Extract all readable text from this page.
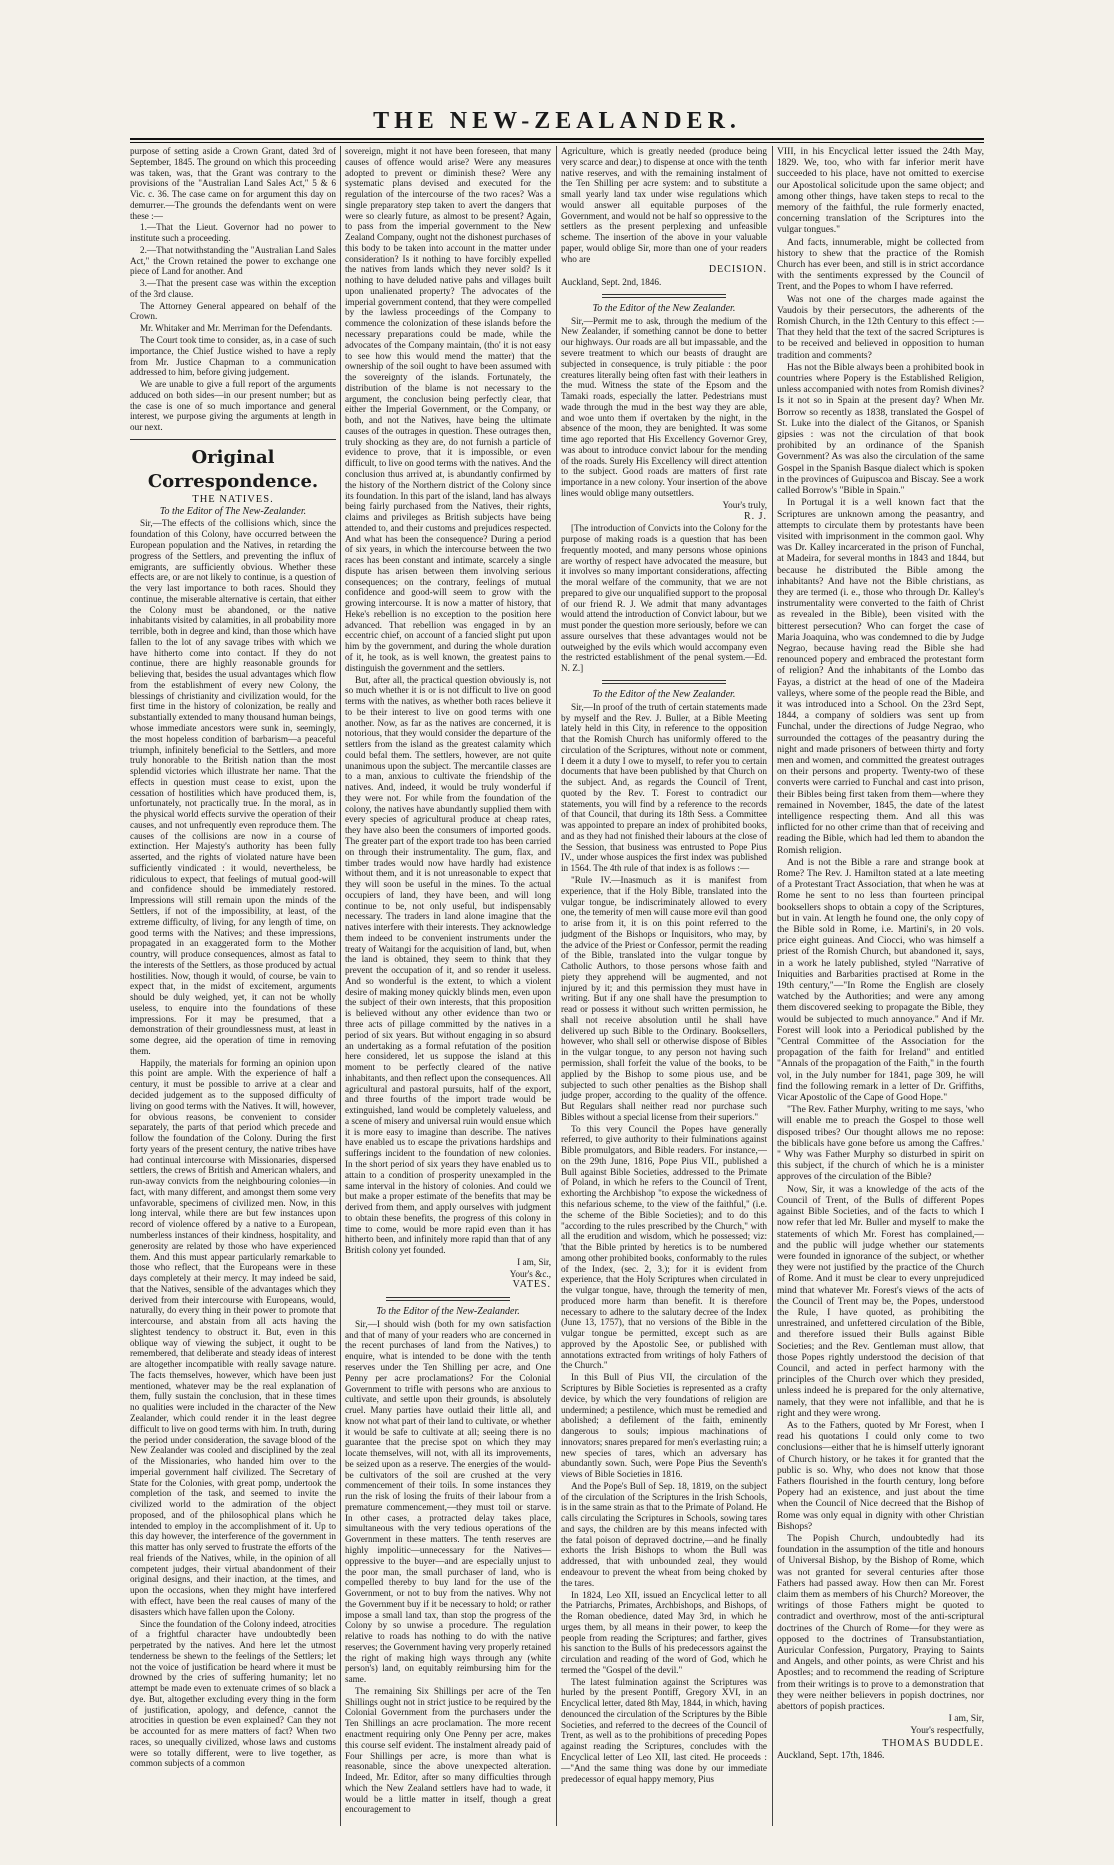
THE NEW-ZEALANDER.

purpose of setting aside a Crown Grant, dated 3rd of September, 1845. The ground on which this proceeding was taken, was, that the Grant was contrary to the provisions of the "Australian Land Sales Act," 5 & 6 Vic. c. 36. The case came on for argument this day on demurrer.—The grounds the defendants went on were these :—

1.—That the Lieut. Governor had no power to institute such a proceeding.

2.—That notwithstanding the "Australian Land Sales Act," the Crown retained the power to exchange one piece of Land for another. And

3.—That the present case was within the exception of the 3rd clause.

The Attorney General appeared on behalf of the Crown.

Mr. Whitaker and Mr. Merriman for the Defendants.

The Court took time to consider, as, in a case of such importance, the Chief Justice wished to have a reply from Mr. Justice Chapman to a communication addressed to him, before giving judgement.

We are unable to give a full report of the arguments adduced on both sides—in our present number; but as the case is one of so much importance and general interest, we purpose giving the arguments at length in our next.

Original Correspondence.

THE NATIVES.

To the Editor of The New-Zealander.

Sir,—The effects of the collisions which, since the foundation of this Colony, have occurred between the European population and the Natives, in retarding the progress of the Settlers, and preventing the influx of emigrants, are sufficiently obvious. Whether these effects are, or are not likely to continue, is a question of the very last importance to both races. Should they continue, the miserable alternative is certain, that either the Colony must be abandoned, or the native inhabitants visited by calamities, in all probability more terrible, both in degree and kind, than those which have fallen to the lot of any savage tribes with which we have hitherto come into contact. If they do not continue, there are highly reasonable grounds for believing that, besides the usual advantages which flow from the establishment of every new Colony, the blessings of christianity and civilization would, for the first time in the history of colonization, be really and substantially extended to many thousand human beings, whose immediate ancestors were sunk in, seemingly, the most hopeless condition of barbarism—a peaceful triumph, infinitely beneficial to the Settlers, and more truly honorable to the British nation than the most splendid victories which illustrate her name. That the effects in question must cease to exist, upon the cessation of hostilities which have produced them, is, unfortunately, not practically true. In the moral, as in the physical world effects survive the operation of their causes, and not unfrequently even reproduce them. The causes of the collisions are now in a course of extinction. Her Majesty's authority has been fully asserted, and the rights of violated nature have been sufficiently vindicated : it would, nevertheless, be ridiculous to expect, that feelings of mutual good-will and confidence should be immediately restored. Impressions will still remain upon the minds of the Settlers, if not of the impossibility, at least, of the extreme difficulty, of living, for any length of time, on good terms with the Natives; and these impressions, propagated in an exaggerated form to the Mother country, will produce consequences, almost as fatal to the interests of the Settlers, as those produced by actual hostilities. Now, though it would, of course, be vain to expect that, in the midst of excitement, arguments should be duly weighed, yet, it can not be wholly useless, to enquire into the foundations of these impressions. For it may be presumed, that a demonstration of their groundlessness must, at least in some degree, aid the operation of time in removing them.

Happily, the materials for forming an opinion upon this point are ample. With the experience of half a century, it must be possible to arrive at a clear and decided judgement as to the supposed difficulty of living on good terms with the Natives. It will, however, for obvious reasons, be convenient to consider separately, the parts of that period which precede and follow the foundation of the Colony. During the first forty years of the present century, the native tribes have had continual intercourse with Missionaries, dispersed settlers, the crews of British and American whalers, and run-away convicts from the neighbouring colonies—in fact, with many different, and amongst them some very unfavorable, specimens of civilized men. Now, in this long interval, while there are but few instances upon record of violence offered by a native to a European, numberless instances of their kindness, hospitality, and generosity are related by those who have experienced them. And this must appear particularly remarkable to those who reflect, that the Europeans were in these days completely at their mercy. It may indeed be said, that the Natives, sensible of the advantages which they derived from their intercourse with Europeans, would, naturally, do every thing in their power to promote that intercourse, and abstain from all acts having the slightest tendency to obstruct it. But, even in this oblique way of viewing the subject, it ought to be remembered, that deliberate and steady ideas of interest are altogether incompatible with really savage nature. The facts themselves, however, which have been just mentioned, whatever may be the real explanation of them, fully sustain the conclusion, that in these times no qualities were included in the character of the New Zealander, which could render it in the least degree difficult to live on good terms with him. In truth, during the period under consideration, the savage blood of the New Zealander was cooled and disciplined by the zeal of the Missionaries, who handed him over to the imperial government half civilized. The Secretary of State for the Colonies, with great pomp, undertook the completion of the task, and seemed to invite the civilized world to the admiration of the object proposed, and of the philosophical plans which he intended to employ in the accomplishment of it. Up to this day however, the interference of the government in this matter has only served to frustrate the efforts of the real friends of the Natives, while, in the opinion of all competent judges, their virtual abandonment of their original designs, and their inaction, at the times, and upon the occasions, when they might have interfered with effect, have been the real causes of many of the disasters which have fallen upon the Colony.

Since the foundation of the Colony indeed, atrocities of a frightful character have undoubtedly been perpetrated by the natives. And here let the utmost tenderness be shewn to the feelings of the Settlers; let not the voice of justification be heard where it must be drowned by the cries of suffering humanity; let no attempt be made even to extenuate crimes of so black a dye. But, altogether excluding every thing in the form of justification, apology, and defence, cannot the atrocities in question be even explained? Can they not be accounted for as mere matters of fact? When two races, so unequally civilized, whose laws and customs were so totally different, were to live together, as common subjects of a common

sovereign, might it not have been foreseen, that many causes of offence would arise? Were any measures adopted to prevent or diminish these? Were any systematic plans devised and executed for the regulation of the intercourse of the two races? Was a single preparatory step taken to avert the dangers that were so clearly future, as almost to be present? Again, to pass from the imperial government to the New Zealand Company, ought not the dishonest purchases of this body to be taken into account in the matter under consideration? Is it nothing to have forcibly expelled the natives from lands which they never sold? Is it nothing to have deluded native pahs and villages built upon unalienated property? The advocates of the imperial government contend, that they were compelled by the lawless proceedings of the Company to commence the colonization of these islands before the necessary preparations could be made, while the advocates of the Company maintain, (tho' it is not easy to see how this would mend the matter) that the ownership of the soil ought to have been assumed with the sovereignty of the islands. Fortunately, the distribution of the blame is not necessary to the argument, the conclusion being perfectly clear, that either the Imperial Government, or the Company, or both, and not the Natives, have being the ultimate causes of the outrages in question. These outrages then, truly shocking as they are, do not furnish a particle of evidence to prove, that it is impossible, or even difficult, to live on good terms with the natives. And the conclusion thus arrived at, is abundantly confirmed by the history of the Northern district of the Colony since its foundation. In this part of the island, land has always being fairly purchased from the Natives, their rights, claims and privileges as British subjects have being attended to, and their customs and prejudices respected. And what has been the consequence? During a period of six years, in which the intercourse between the two races has been constant and intimate, scarcely a single dispute has arisen between them involving serious consequences; on the contrary, feelings of mutual confidence and good-will seem to grow with the growing intercourse. It is now a matter of history, that Heke's rebellion is no exception to the position here advanced. That rebellion was engaged in by an eccentric chief, on account of a fancied slight put upon him by the government, and during the whole duration of it, he took, as is well known, the greatest pains to distinguish the government and the settlers.

But, after all, the practical question obviously is, not so much whether it is or is not difficult to live on good terms with the natives, as whether both races believe it to be their interest to live on good terms with one another. Now, as far as the natives are concerned, it is notorious, that they would consider the departure of the settlers from the island as the greatest calamity which could befal them. The settlers, however, are not quite unanimous upon the subject. The mercantile classes are to a man, anxious to cultivate the friendship of the natives. And, indeed, it would be truly wonderful if they were not. For while from the foundation of the colony, the natives have abundantly supplied them with every species of agricultural produce at cheap rates, they have also been the consumers of imported goods. The greater part of the export trade too has been carried on through their instrumentality. The gum, flax, and timber trades would now have hardly had existence without them, and it is not unreasonable to expect that they will soon be useful in the mines. To the actual occupiers of land, they have been, and will long continue to be, not only useful, but indispensably necessary. The traders in land alone imagine that the natives interfere with their interests. They acknowledge them indeed to be convenient instruments under the treaty of Waitangi for the acquisition of land, but, when the land is obtained, they seem to think that they prevent the occupation of it, and so render it useless. And so wonderful is the extent, to which a violent desire of making money quickly blinds men, even upon the subject of their own interests, that this proposition is believed without any other evidence than two or three acts of pillage committed by the natives in a period of six years. But without engaging in so absurd an undertaking as a formal refutation of the position here considered, let us suppose the island at this moment to be perfectly cleared of the native inhabitants, and then reflect upon the consequences. All agricultural and pastoral pursuits, half of the export, and three fourths of the import trade would be extinguished, land would be completely valueless, and a scene of misery and universal ruin would ensue which it is more easy to imagine than describe. The natives have enabled us to escape the privations hardships and sufferings incident to the foundation of new colonies. In the short period of six years they have enabled us to attain to a condition of prosperity unexampled in the same interval in the history of colonies. And could we but make a proper estimate of the benefits that may be derived from them, and apply ourselves with judgment to obtain these benefits, the progress of this colony in time to come, would be more rapid even than it has hitherto been, and infinitely more rapid than that of any British colony yet founded.

I am, Sir,

Your's &c.,

VATES.

To the Editor of the New-Zealander.

Sir,—I should wish (both for my own satisfaction and that of many of your readers who are concerned in the recent purchases of land from the Natives,) to enquire, what is intended to be done with the tenth reserves under the Ten Shilling per acre, and One Penny per acre proclamations? For the Colonial Government to trifle with persons who are anxious to cultivate, and settle upon their grounds, is absolutely cruel. Many parties have outlaid their little all, and know not what part of their land to cultivate, or whether it would be safe to cultivate at all; seeing there is no guarantee that the precise spot on which they may locate themselves, will not, with all its improvements, be seized upon as a reserve. The energies of the would-be cultivators of the soil are crushed at the very commencement of their toils. In some instances they run the risk of losing the fruits of their labour from a premature commencement,—they must toil or starve. In other cases, a protracted delay takes place, simultaneous with the very tedious operations of the Government in these matters. The tenth reserves are highly impolitic—unnecessary for the Natives—oppressive to the buyer—and are especially unjust to the poor man, the small purchaser of land, who is compelled thereby to buy land for the use of the Government, or not to buy from the natives. Why not the Government buy if it be necessary to hold; or rather impose a small land tax, than stop the progress of the Colony by so unwise a procedure. The regulation relative to roads has nothing to do with the native reserves; the Government having very properly retained the right of making high ways through any (white person's) land, on equitably reimbursing him for the same.

The remaining Six Shillings per acre of the Ten Shillings ought not in strict justice to be required by the Colonial Government from the purchasers under the Ten Shillings an acre proclamation. The more recent enactment requiring only One Penny per acre, makes this course self evident. The instalment already paid of Four Shillings per acre, is more than what is reasonable, since the above unexpected alteration. Indeed, Mr. Editor, after so many difficulties through which the New Zealand settlers have had to wade, it would be a little matter in itself, though a great encouragement to

Agriculture, which is greatly needed (produce being very scarce and dear,) to dispense at once with the tenth native reserves, and with the remaining instalment of the Ten Shilling per acre system: and to substitute a small yearly land tax under wise regulations which would answer all equitable purposes of the Government, and would not be half so oppressive to the settlers as the present perplexing and unfeasible scheme. The insertion of the above in your valuable paper, would oblige Sir, more than one of your readers who are

DECISION.

Auckland, Sept. 2nd, 1846.

To the Editor of the New Zealander.

Sir,—Permit me to ask, through the medium of the New Zealander, if something cannot be done to better our highways. Our roads are all but impassable, and the severe treatment to which our beasts of draught are subjected in consequence, is truly pitiable : the poor creatures literally being often fast with their leathers in the mud. Witness the state of the Epsom and the Tamaki roads, especially the latter. Pedestrians must wade through the mud in the best way they are able, and woe unto them if overtaken by the night, in the absence of the moon, they are benighted. It was some time ago reported that His Excellency Governor Grey, was about to introduce convict labour for the mending of the roads. Surely His Excellency will direct attention to the subject. Good roads are matters of first rate importance in a new colony. Your insertion of the above lines would oblige many outsettlers.

Your's truly,

R. J.

[The introduction of Convicts into the Colony for the purpose of making roads is a question that has been frequently mooted, and many persons whose opinions are worthy of respect have advocated the measure, but it involves so many important considerations, affecting the moral welfare of the community, that we are not prepared to give our unqualified support to the proposal of our friend R. J. We admit that many advantages would attend the introduction of Convict labour, but we must ponder the question more seriously, before we can assure ourselves that these advantages would not be outweighed by the evils which would accompany even the restricted establishment of the penal system.—Ed. N. Z.]

To the Editor of the New Zealander.

Sir,—In proof of the truth of certain statements made by myself and the Rev. J. Buller, at a Bible Meeting lately held in this City, in reference to the opposition that the Romish Church has uniformly offered to the circulation of the Scriptures, without note or comment, I deem it a duty I owe to myself, to refer you to certain documents that have been published by that Church on the subject. And, as regards the Council of Trent, quoted by the Rev. T. Forest to contradict our statements, you will find by a reference to the records of that Council, that during its 18th Sess. a Committee was appointed to prepare an index of prohibited books, and as they had not finished their labours at the close of the Session, that business was entrusted to Pope Pius IV., under whose auspices the first index was published in 1564. The 4th rule of that index is as follows :—

"Rule IV.—Inasmuch as it is manifest from experience, that if the Holy Bible, translated into the vulgar tongue, be indiscriminately allowed to every one, the temerity of men will cause more evil than good to arise from it, it is on this point referred to the judgment of the Bishops or Inquisitors, who may, by the advice of the Priest or Confessor, permit the reading of the Bible, translated into the vulgar tongue by Catholic Authors, to those persons whose faith and piety they apprehend will be augmented, and not injured by it; and this permission they must have in writing. But if any one shall have the presumption to read or possess it without such written permission, he shall not receive absolution until he shall have delivered up such Bible to the Ordinary. Booksellers, however, who shall sell or otherwise dispose of Bibles in the vulgar tongue, to any person not having such permission, shall forfeit the value of the books, to be applied by the Bishop to some pious use, and be subjected to such other penalties as the Bishop shall judge proper, according to the quality of the offence. But Regulars shall neither read nor purchase such Bibles without a special license from their superiors."

To this very Council the Popes have generally referred, to give authority to their fulminations against Bible promulgators, and Bible readers. For instance,—on the 29th June, 1816, Pope Pius VII., published a Bull against Bible Societies, addressed to the Primate of Poland, in which he refers to the Council of Trent, exhorting the Archbishop "to expose the wickedness of this nefarious scheme, to the view of the faithful," (i.e. the scheme of the Bible Societies); and to do this "according to the rules prescribed by the Church," with all the erudition and wisdom, which he possessed; viz: 'that the Bible printed by heretics is to be numbered among other prohibited books, conformably to the rules of the Index, (sec. 2, 3.); for it is evident from experience, that the Holy Scriptures when circulated in the vulgar tongue, have, through the temerity of men, produced more harm than benefit. It is therefore necessary to adhere to the salutary decree of the Index (June 13, 1757), that no versions of the Bible in the vulgar tongue be permitted, except such as are approved by the Apostolic See, or published with annotations extracted from writings of holy Fathers of the Church."

In this Bull of Pius VII, the circulation of the Scriptures by Bible Societies is represented as a crafty device, by which the very foundations of religion are undermined; a pestilence, which must be remedied and abolished; a defilement of the faith, eminently dangerous to souls; impious machinations of innovators; snares prepared for men's everlasting ruin; a new species of tares, which an adversary has abundantly sown. Such, were Pope Pius the Seventh's views of Bible Societies in 1816.

And the Pope's Bull of Sep. 18, 1819, on the subject of the circulation of the Scriptures in the Irish Schools, is in the same strain as that to the Primate of Poland. He calls circulating the Scriptures in Schools, sowing tares and says, the children are by this means infected with the fatal poison of depraved doctrine,—and he finally exhorts the Irish Bishops to whom the Bull was addressed, that with unbounded zeal, they would endeavour to prevent the wheat from being choked by the tares.

In 1824, Leo XII, issued an Encyclical letter to all the Patriarchs, Primates, Archbishops, and Bishops, of the Roman obedience, dated May 3rd, in which he urges them, by all means in their power, to keep the people from reading the Scriptures; and farther, gives his sanction to the Bulls of his predecessors against the circulation and reading of the word of God, which he termed the "Gospel of the devil."

The latest fulmination against the Scriptures was hurled by the present Pontiff, Gregory XVI, in an Encyclical letter, dated 8th May, 1844, in which, having denounced the circulation of the Scriptures by the Bible Societies, and referred to the decrees of the Council of Trent, as well as to the prohibitions of preceding Popes against reading the Scriptures, concludes with the Encyclical letter of Leo XII, last cited. He proceeds :—"And the same thing was done by our immediate predecessor of equal happy memory, Pius

VIII, in his Encyclical letter issued the 24th May, 1829. We, too, who with far inferior merit have succeeded to his place, have not omitted to exercise our Apostolical solicitude upon the same object; and among other things, have taken steps to recal to the memory of the faithful, the rule formerly enacted, concerning translation of the Scriptures into the vulgar tongues."

And facts, innumerable, might be collected from history to shew that the practice of the Romish Church has ever been, and still is in strict accordance with the sentiments expressed by the Council of Trent, and the Popes to whom I have referred.

Was not one of the charges made against the Vaudois by their persecutors, the adherents of the Romish Church, in the 12th Century to this effect :—That they held that the text of the sacred Scriptures is to be received and believed in opposition to human tradition and comments?

Has not the Bible always been a prohibited book in countries where Popery is the Established Religion, unless accompanied with notes from Romish divines? Is it not so in Spain at the present day? When Mr. Borrow so recently as 1838, translated the Gospel of St. Luke into the dialect of the Gitanos, or Spanish gipsies : was not the circulation of that book prohibited by an ordinance of the Spanish Government? As was also the circulation of the same Gospel in the Spanish Basque dialect which is spoken in the provinces of Guipuscoa and Biscay. See a work called Borrow's "Bible in Spain."

In Portugal it is a well known fact that the Scriptures are unknown among the peasantry, and attempts to circulate them by protestants have been visited with imprisonment in the common gaol. Why was Dr. Kalley incarcerated in the prison of Funchal, at Madeira, for several months in 1843 and 1844, but because he distributed the Bible among the inhabitants? And have not the Bible christians, as they are termed (i. e., those who through Dr. Kalley's instrumentality were converted to the faith of Christ as revealed in the Bible), been visited with the bitterest persecution? Who can forget the case of Maria Joaquina, who was condemned to die by Judge Negrao, because having read the Bible she had renounced popery and embraced the protestant form of religion? And the inhabitants of the Lombo das Fayas, a district at the head of one of the Madeira valleys, where some of the people read the Bible, and it was introduced into a School. On the 23rd Sept, 1844, a company of soldiers was sent up from Funchal, under the directions of Judge Negrao, who surrounded the cottages of the peasantry during the night and made prisoners of between thirty and forty men and women, and committed the greatest outrages on their persons and property. Twenty-two of these converts were carried to Funchal and cast into prison, their Bibles being first taken from them—where they remained in November, 1845, the date of the latest intelligence respecting them. And all this was inflicted for no other crime than that of receiving and reading the Bible, which had led them to abandon the Romish religion.

And is not the Bible a rare and strange book at Rome? The Rev. J. Hamilton stated at a late meeting of a Protestant Tract Association, that when he was at Rome he sent to no less than fourteen principal booksellers shops to obtain a copy of the Scriptures, but in vain. At length he found one, the only copy of the Bible sold in Rome, i.e. Martini's, in 20 vols. price eight guineas. And Ciocci, who was himself a priest of the Romish Church, but abandoned it, says, in a work he lately published, styled "Narrative of Iniquities and Barbarities practised at Rome in the 19th century,"—"In Rome the English are closely watched by the Authorities; and were any among them discovered seeking to propagate the Bible, they would be subjected to much annoyance." And if Mr. Forest will look into a Periodical published by the "Central Committee of the Association for the propagation of the faith for Ireland" and entitled "Annals of the propagation of the Faith," in the fourth vol, in the July number for 1841, page 309, he will find the following remark in a letter of Dr. Griffiths, Vicar Apostolic of the Cape of Good Hope."

"The Rev. Father Murphy, writing to me says, 'who will enable me to preach the Gospel to those well disposed tribes? Our thought allows me no repose: the biblicals have gone before us among the Caffres.' " Why was Father Murphy so disturbed in spirit on this subject, if the church of which he is a minister approves of the circulation of the Bible?

Now, Sir, it was a knowledge of the acts of the Council of Trent, of the Bulls of different Popes against Bible Societies, and of the facts to which I now refer that led Mr. Buller and myself to make the statements of which Mr. Forest has complained,—and the public will judge whether our statements were founded in ignorance of the subject, or whether they were not justified by the practice of the Church of Rome. And it must be clear to every unprejudiced mind that whatever Mr. Forest's views of the acts of the Council of Trent may be, the Popes, understood the Rule, I have quoted, as prohibiting the unrestrained, and unfettered circulation of the Bible, and therefore issued their Bulls against Bible Societies; and the Rev. Gentleman must allow, that those Popes rightly understood the decision of that Council, and acted in perfect harmony with the principles of the Church over which they presided, unless indeed he is prepared for the only alternative, namely, that they were not infallible, and that he is right and they were wrong.

As to the Fathers, quoted by Mr Forest, when I read his quotations I could only come to two conclusions—either that he is himself utterly ignorant of Church history, or he takes it for granted that the public is so. Why, who does not know that those Fathers flourished in the fourth century, long before Popery had an existence, and just about the time when the Council of Nice decreed that the Bishop of Rome was only equal in dignity with other Christian Bishops?

The Popish Church, undoubtedly had its foundation in the assumption of the title and honours of Universal Bishop, by the Bishop of Rome, which was not granted for several centuries after those Fathers had passed away. How then can Mr. Forest claim them as members of his Church? Moreover, the writings of those Fathers might be quoted to contradict and overthrow, most of the anti-scriptural doctrines of the Church of Rome—for they were as opposed to the doctrines of Transubstantiation, Auricular Confession, Purgatory, Praying to Saints and Angels, and other points, as were Christ and his Apostles; and to recommend the reading of Scripture from their writings is to prove to a demonstration that they were neither believers in popish doctrines, nor abettors of popish practices.

I am, Sir,

Your's respectfully,

THOMAS BUDDLE.

Auckland, Sept. 17th, 1846.
